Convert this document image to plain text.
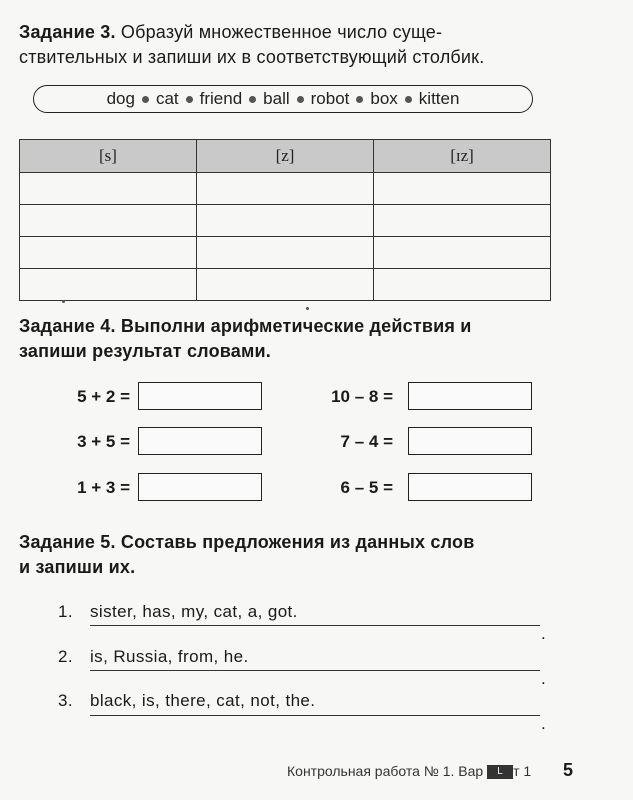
Задание 3. Образуй множественное число суще-
ствительных и запиши их в соответствующий столбик.
dog cat friend ball robot box kitten
[s]	[z]	[ɪz]

Задание 4. Выполни арифметические действия и
запиши результат словами.
5 + 2 =
3 + 5 =
1 + 3 =
10 – 8 =
7 – 4 =
6 – 5 =
Задание 5. Составь предложения из данных слов
и запиши их.
1. sister, has, my, cat, a, got.
.
2. is, Russia, from, he.
.
3. black, is, there, cat, not, the.
.
Контрольная работа № 1. Вар L т 1 5
